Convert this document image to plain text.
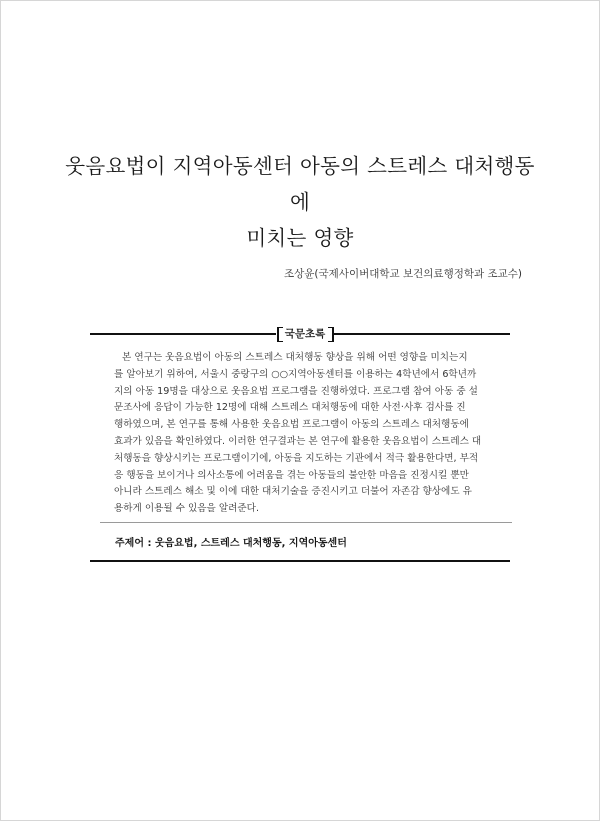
웃음요법이 지역아동센터 아동의 스트레스 대처행동에
미치는 영향
조상윤(국제사이버대학교 보건의료행정학과 조교수)
국문초록
본 연구는 웃음요법이 아동의 스트레스 대처행동 향상을 위해 어떤 영향을 미치는지
를 알아보기 위하여, 서울시 중랑구의 ○○지역아동센터를 이용하는 4학년에서 6학년까
지의 아동 19명을 대상으로 웃음요법 프로그램을 진행하였다. 프로그램 참여 아동 중 설
문조사에 응답이 가능한 12명에 대해 스트레스 대처행동에 대한 사전·사후 검사를 진
행하였으며, 본 연구를 통해 사용한 웃음요법 프로그램이 아동의 스트레스 대처행동에
효과가 있음을 확인하였다. 이러한 연구결과는 본 연구에 활용한 웃음요법이 스트레스 대
처행동을 향상시키는 프로그램이기에, 아동을 지도하는 기관에서 적극 활용한다면, 부적
응 행동을 보이거나 의사소통에 어려움을 겪는 아동들의 불안한 마음을 진정시킬 뿐만
아니라 스트레스 해소 및 이에 대한 대처기술을 증진시키고 더불어 자존감 향상에도 유
용하게 이용될 수 있음을 알려준다.
주제어 : 웃음요법, 스트레스 대처행동, 지역아동센터
